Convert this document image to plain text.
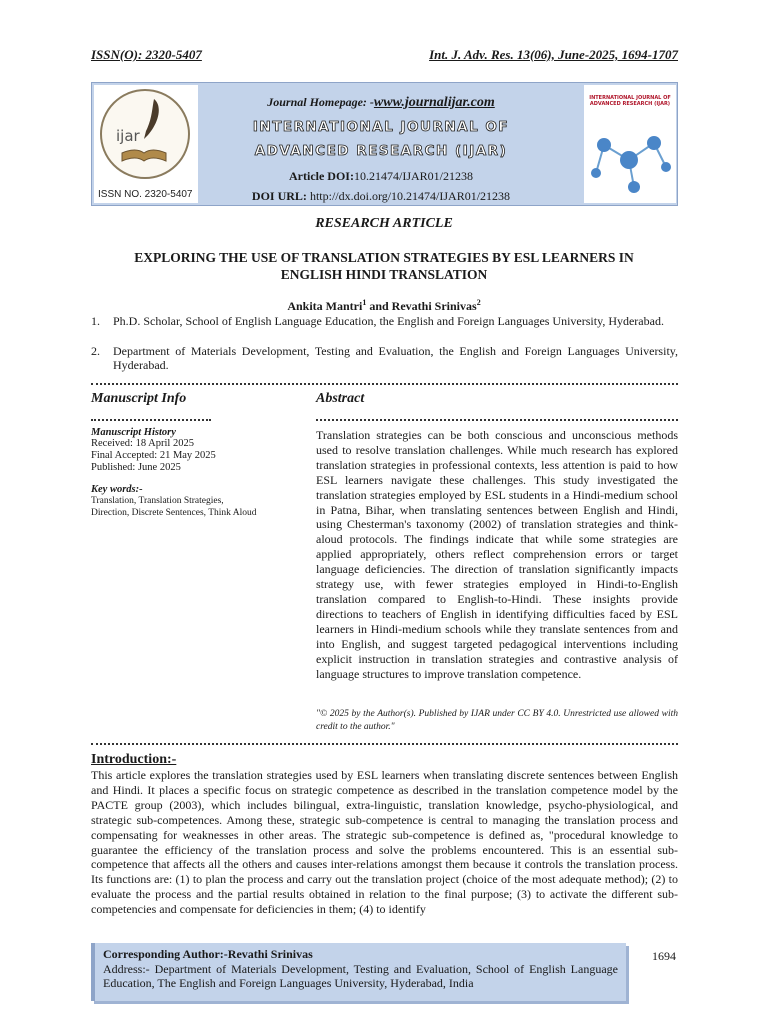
ISSN(O): 2320-5407	Int. J. Adv. Res. 13(06), June-2025, 1694-1707
ijar
ISSN NO. 2320-5407
Journal Homepage: -www.journalijar.com
INTERNATIONAL JOURNAL OF
ADVANCED RESEARCH (IJAR)
Article DOI:10.21474/IJAR01/21238
DOI URL: http://dx.doi.org/10.21474/IJAR01/21238
INTERNATIONAL JOURNAL OF ADVANCED RESEARCH (IJAR)
RESEARCH ARTICLE
EXPLORING THE USE OF TRANSLATION STRATEGIES BY ESL LEARNERS IN
ENGLISH HINDI TRANSLATION
Ankita Mantri$^1$ and Revathi Srinivas$^2$
1. Ph.D. Scholar, School of English Language Education, the English and Foreign Languages University, Hyderabad.
2. Department of Materials Development, Testing and Evaluation, the English and Foreign Languages University, Hyderabad.
Manuscript Info
Manuscript History
Received: 18 April 2025
Final Accepted: 21 May 2025
Published: June 2025
Key words:-
Translation, Translation Strategies, Direction, Discrete Sentences, Think Aloud
Abstract
Translation strategies can be both conscious and unconscious methods used to resolve translation challenges. While much research has explored translation strategies in professional contexts, less attention is paid to how ESL learners navigate these challenges. This study investigated the translation strategies employed by ESL students in a Hindi-medium school in Patna, Bihar, when translating sentences between English and Hindi, using Chesterman's taxonomy (2002) of translation strategies and think-aloud protocols. The findings indicate that while some strategies are applied appropriately, others reflect comprehension errors or target language deficiencies. The direction of translation significantly impacts strategy use, with fewer strategies employed in Hindi-to-English translation compared to English-to-Hindi. These insights provide directions to teachers of English in identifying difficulties faced by ESL learners in Hindi-medium schools while they translate sentences from and into English, and suggest targeted pedagogical interventions including explicit instruction in translation strategies and contrastive analysis of language structures to improve translation competence.
"© 2025 by the Author(s). Published by IJAR under CC BY 4.0. Unrestricted use allowed with credit to the author."
Introduction:-
This article explores the translation strategies used by ESL learners when translating discrete sentences between English and Hindi. It places a specific focus on strategic competence as described in the translation competence model by the PACTE group (2003), which includes bilingual, extra-linguistic, translation knowledge, psycho-physiological, and strategic sub-competences. Among these, strategic sub-competence is central to managing the translation process and compensating for weaknesses in other areas. The strategic sub-competence is defined as, "procedural knowledge to guarantee the efficiency of the translation process and solve the problems encountered. This is an essential sub-competence that affects all the others and causes inter-relations amongst them because it controls the translation process. Its functions are: (1) to plan the process and carry out the translation project (choice of the most adequate method); (2) to evaluate the process and the partial results obtained in relation to the final purpose; (3) to activate the different sub-competencies and compensate for deficiencies in them; (4) to identify
Corresponding Author:-Revathi Srinivas
Address:- Department of Materials Development, Testing and Evaluation, School of English Language Education, The English and Foreign Languages University, Hyderabad, India
1694
